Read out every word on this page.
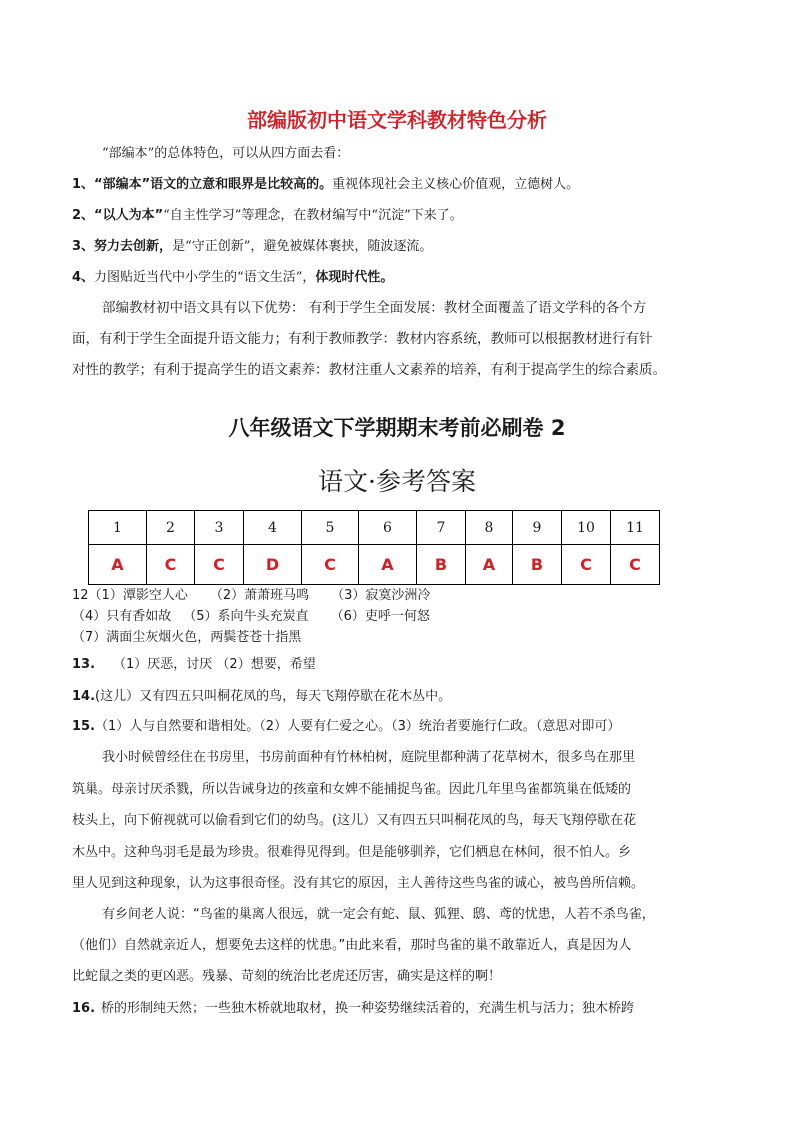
部编版初中语文学科教材特色分析
“部编本”的总体特色，可以从四方面去看：
1、“部编本”语文的立意和眼界是比较高的。重视体现社会主义核心价值观，立德树人。
2、“以人为本”“自主性学习”等理念，在教材编写中“沉淀”下来了。
3、努力去创新，是“守正创新”，避免被媒体裹挟，随波逐流。
4、力图贴近当代中小学生的“语文生活”，体现时代性。
部编教材初中语文具有以下优势： 有利于学生全面发展：教材全面覆盖了语文学科的各个方
面，有利于学生全面提升语文能力；有利于教师教学：教材内容系统，教师可以根据教材进行有针
对性的教学；有利于提高学生的语文素养：教材注重人文素养的培养，有利于提高学生的综合素质。
八年级语文下学期期末考前必刷卷 2
语文·参考答案
1	2	3	4	5	6	7	8	9	10	11
A	C	C	D	C	A	B	A	B	C	C
12（1）潭影空人心 （2）萧萧班马鸣 （3）寂寞沙洲冷
（4）只有香如故 （5）系向牛头充炭直 （6）吏呼一何怒
（7）满面尘灰烟火色，两鬓苍苍十指黑
13. （1）厌恶，讨厌 （2）想要，希望
14.(这儿）又有四五只叫桐花凤的鸟，每天飞翔停歇在花木丛中。
15.（1）人与自然要和谐相处。（2）人要有仁爱之心。（3）统治者要施行仁政。（意思对即可）
我小时候曾经住在书房里，书房前面种有竹林柏树，庭院里都种满了花草树木，很多鸟在那里
筑巢。母亲讨厌杀戮，所以告诫身边的孩童和女婢不能捕捉鸟雀。因此几年里鸟雀都筑巢在低矮的
枝头上，向下俯视就可以偷看到它们的幼鸟。(这儿）又有四五只叫桐花凤的鸟，每天飞翔停歇在花
木丛中。这种鸟羽毛是最为珍贵。很难得见得到。但是能够驯养，它们栖息在林间，很不怕人。乡
里人见到这种现象，认为这事很奇怪。没有其它的原因，主人善待这些鸟雀的诚心，被鸟兽所信赖。
有乡间老人说：“鸟雀的巢离人很远，就一定会有蛇、鼠、狐狸、鸱、鸢的忧患，人若不杀鸟雀，
（他们）自然就亲近人，想要免去这样的忧患。”由此来看，那时鸟雀的巢不敢靠近人，真是因为人
比蛇鼠之类的更凶恶。残暴、苛刻的统治比老虎还厉害，确实是这样的啊！
16. 桥的形制纯天然；一些独木桥就地取材，换一种姿势继续活着的，充满生机与活力；独木桥跨
